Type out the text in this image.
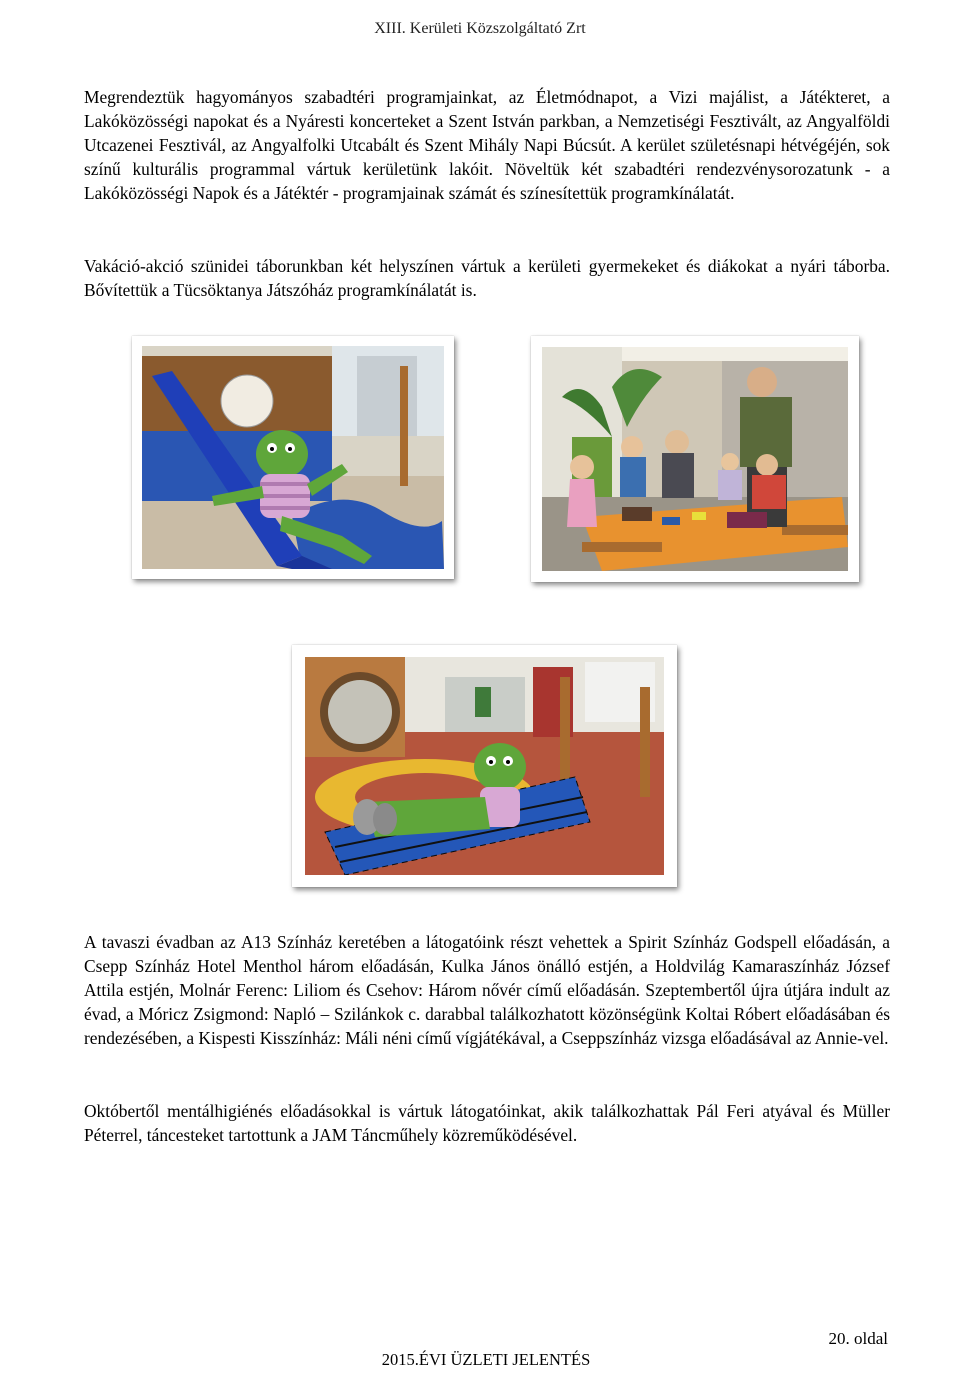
XIII. Kerületi Közszolgáltató Zrt

Megrendeztük hagyományos szabadtéri programjainkat, az Életmódnapot, a Vizi majálist, a Játékteret, a Lakóközösségi napokat és a Nyáresti koncerteket a Szent István parkban, a Nemzetiségi Fesztivált, az Angyalföldi Utcazenei Fesztivál, az Angyalfolki Utcabált és Szent Mihály Napi Búcsút. A kerület születésnapi hétvégéjén, sok színű kulturális programmal vártuk kerületünk lakóit. Növeltük két szabadtéri rendezvénysorozatunk - a Lakóközösségi Napok és a Játéktér - programjainak számát és színesítettük programkínálatát.

Vakáció-akció szünidei táborunkban két helyszínen vártuk a kerületi gyermekeket és diákokat a nyári táborba. Bővítettük a Tücsöktanya Játszóház programkínálatát is.

A tavaszi évadban az A13 Színház keretében a látogatóink részt vehettek a Spirit Színház Godspell előadásán, a Csepp Színház Hotel Menthol három előadásán, Kulka János önálló estjén, a Holdvilág Kamaraszínház József Attila estjén, Molnár Ferenc: Liliom és Csehov: Három nővér című előadásán. Szeptembertől újra útjára indult az évad, a Móricz Zsigmond: Napló – Szilánkok c. darabbal találkozhatott közönségünk Koltai Róbert előadásában és rendezésében, a Kispesti Kisszínház: Máli néni című vígjátékával, a Cseppszínház vizsga előadásával az Annie-vel.

Októbertől mentálhigiénés előadásokkal is vártuk látogatóinkat, akik találkozhattak Pál Feri atyával és Müller Péterrel, táncesteket tartottunk a JAM Táncműhely közreműködésével.

20. oldal
2015.ÉVI ÜZLETI JELENTÉS
